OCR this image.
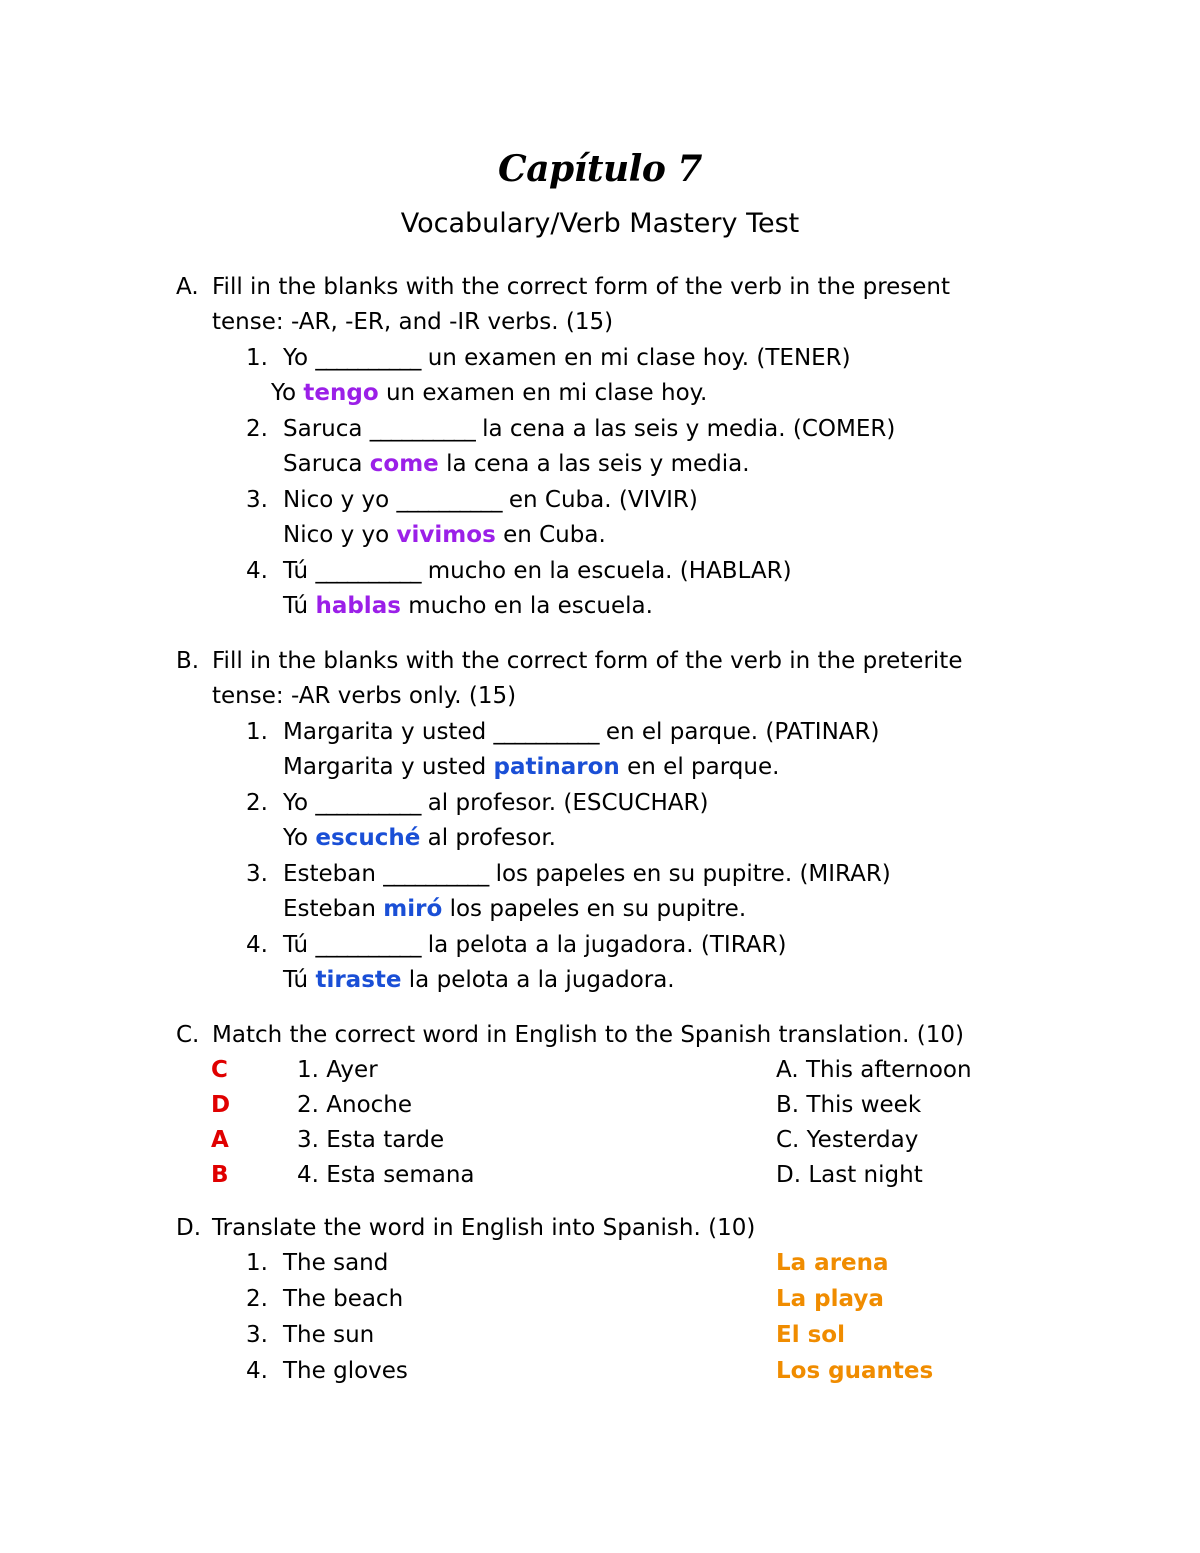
Capítulo 7
Vocabulary/Verb Mastery Test
A. Fill in the blanks with the correct form of the verb in the present
tense: -AR, -ER, and -IR verbs. (15)
1. Yo __________ un examen en mi clase hoy. (TENER)
Yo tengo un examen en mi clase hoy.
2. Saruca __________ la cena a las seis y media. (COMER)
Saruca come la cena a las seis y media.
3. Nico y yo __________ en Cuba. (VIVIR)
Nico y yo vivimos en Cuba.
4. Tú __________ mucho en la escuela. (HABLAR)
Tú hablas mucho en la escuela.
B. Fill in the blanks with the correct form of the verb in the preterite
tense: -AR verbs only. (15)
1. Margarita y usted __________ en el parque. (PATINAR)
Margarita y usted patinaron en el parque.
2. Yo __________ al profesor. (ESCUCHAR)
Yo escuché al profesor.
3. Esteban __________ los papeles en su pupitre. (MIRAR)
Esteban miró los papeles en su pupitre.
4. Tú __________ la pelota a la jugadora. (TIRAR)
Tú tiraste la pelota a la jugadora.
C. Match the correct word in English to the Spanish translation. (10)
C	1. Ayer	A. This afternoon
D	2. Anoche	B. This week
A	3. Esta tarde	C. Yesterday
B	4. Esta semana	D. Last night
D. Translate the word in English into Spanish. (10)
1. The sand	La arena
2. The beach	La playa
3. The sun	El sol
4. The gloves	Los guantes
